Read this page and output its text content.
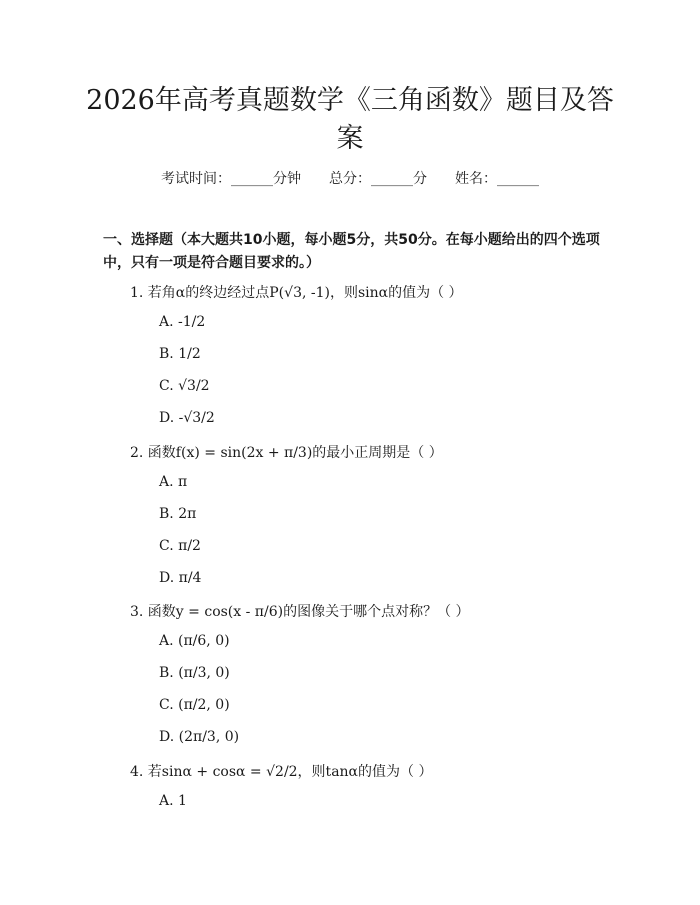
2026年高考真题数学《三角函数》题目及答案
考试时间：______分钟 总分：______分 姓名：______
一、选择题（本大题共10小题，每小题5分，共50分。在每小题给出的四个选项中，只有一项是符合题目要求的。）
1. 若角α的终边经过点P(√3, -1)，则sinα的值为（ ）
A. -1/2
B. 1/2
C. √3/2
D. -√3/2
2. 函数f(x) = sin(2x + π/3)的最小正周期是（ ）
A. π
B. 2π
C. π/2
D. π/4
3. 函数y = cos(x - π/6)的图像关于哪个点对称？（ ）
A. (π/6, 0)
B. (π/3, 0)
C. (π/2, 0)
D. (2π/3, 0)
4. 若sinα + cosα = √2/2，则tanα的值为（ ）
A. 1
